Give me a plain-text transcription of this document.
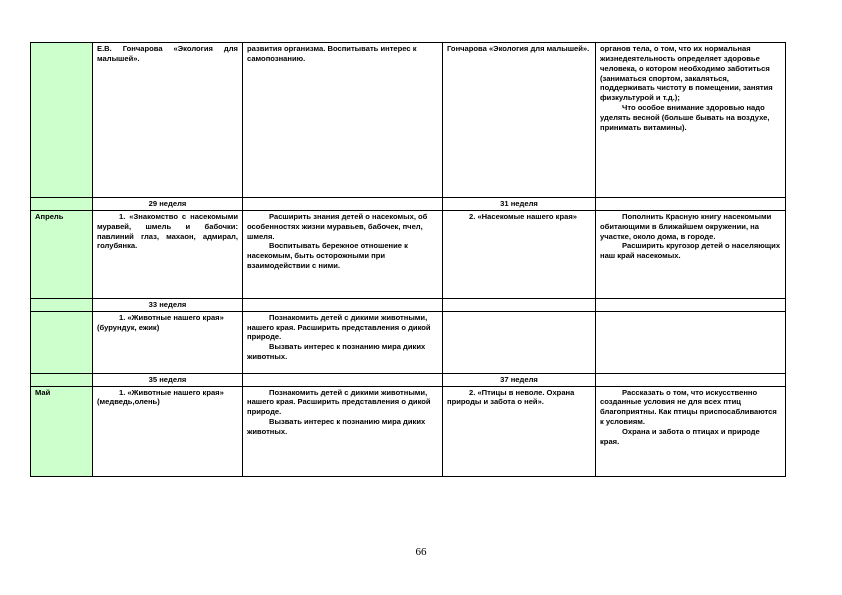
	Е.В. Гончарова «Экология для малышей».	развития организма. Воспитывать интерес к самопознанию.	Гончарова «Экология для малышей».	органов тела, о том, что их нормальная жизнедеятельность определяет здоровье человека, о котором необходимо заботиться (заниматься спортом, закаляться, поддерживать чистоту в помещении, занятия физкультурой и т.д.);
Что особое внимание здоровью надо уделять весной (больше бывать на воздухе, принимать витамины).

	29 неделя		31 неделя	
Апрель	1. «Знакомство с насекомыми муравей, шмель и бабочки: павлиний глаз, махаон, адмирал, голубянка.	Расширить знания детей о насекомых, об особенностях жизни муравьев, бабочек, пчел, шмеля.
Воспитывать бережное отношение к насекомым, быть осторожными при взаимодействии с ними.	2. «Насекомые нашего края»	Пополнить Красную книгу насекомыми обитающими в ближайшем окружении, на участке, около дома, в городе.
Расширить кругозор детей о населяющих наш край насекомых.

	33 неделя			

	1. «Животные нашего края» (бурундук, ежик)	Познакомить детей с дикими животными, нашего края. Расширить представления о дикой природе.
Вызвать интерес к познанию мира диких животных.		

	35 неделя		37 неделя	
Май	1. «Животные нашего края» (медведь,олень)	Познакомить детей с дикими животными, нашего края. Расширить представления о дикой природе.
Вызвать интерес к познанию мира диких животных.	2. «Птицы в неволе. Охрана природы и забота о ней».	Рассказать о том, что искусственно созданные условия не для всех птиц благоприятны. Как птицы приспосабливаются к условиям.
Охрана и забота о птицах и природе края.
66
